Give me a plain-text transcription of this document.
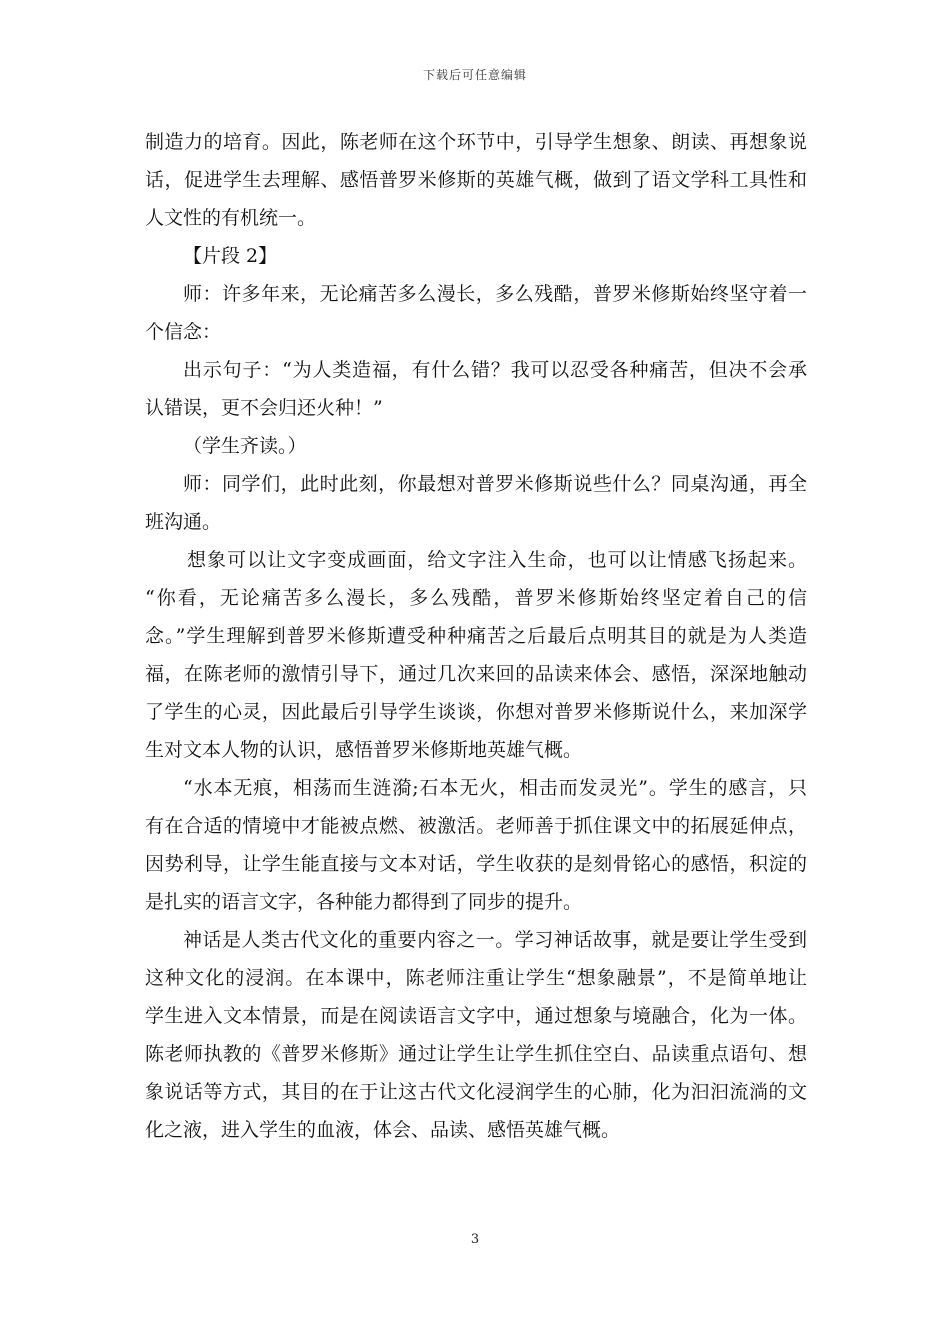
下载后可任意编辑
制造力的培育。因此，陈老师在这个环节中，引导学生想象、朗读、再想象说
话，促进学生去理解、感悟普罗米修斯的英雄气概，做到了语文学科工具性和
人文性的有机统一。
【片段 2】
师：许多年来，无论痛苦多么漫长，多么残酷，普罗米修斯始终坚守着一
个信念：
出示句子：“为人类造福，有什么错？我可以忍受各种痛苦，但决不会承
认错误，更不会归还火种！”
（学生齐读。）
师：同学们，此时此刻，你最想对普罗米修斯说些什么？同桌沟通，再全
班沟通。
想象可以让文字变成画面，给文字注入生命，也可以让情感飞扬起来。
“你看，无论痛苦多么漫长，多么残酷，普罗米修斯始终坚定着自己的信
念。”学生理解到普罗米修斯遭受种种痛苦之后最后点明其目的就是为人类造
福，在陈老师的激情引导下，通过几次来回的品读来体会、感悟，深深地触动
了学生的心灵，因此最后引导学生谈谈，你想对普罗米修斯说什么，来加深学
生对文本人物的认识，感悟普罗米修斯地英雄气概。
“水本无痕，相荡而生涟漪;石本无火，相击而发灵光”。学生的感言，只
有在合适的情境中才能被点燃、被激活。老师善于抓住课文中的拓展延伸点，
因势利导，让学生能直接与文本对话，学生收获的是刻骨铭心的感悟，积淀的
是扎实的语言文字，各种能力都得到了同步的提升。
神话是人类古代文化的重要内容之一。学习神话故事，就是要让学生受到
这种文化的浸润。在本课中，陈老师注重让学生“想象融景”，不是简单地让
学生进入文本情景，而是在阅读语言文字中，通过想象与境融合，化为一体。
陈老师执教的《普罗米修斯》通过让学生让学生抓住空白、品读重点语句、想
象说话等方式，其目的在于让这古代文化浸润学生的心肺，化为汩汩流淌的文
化之液，进入学生的血液，体会、品读、感悟英雄气概。
3
